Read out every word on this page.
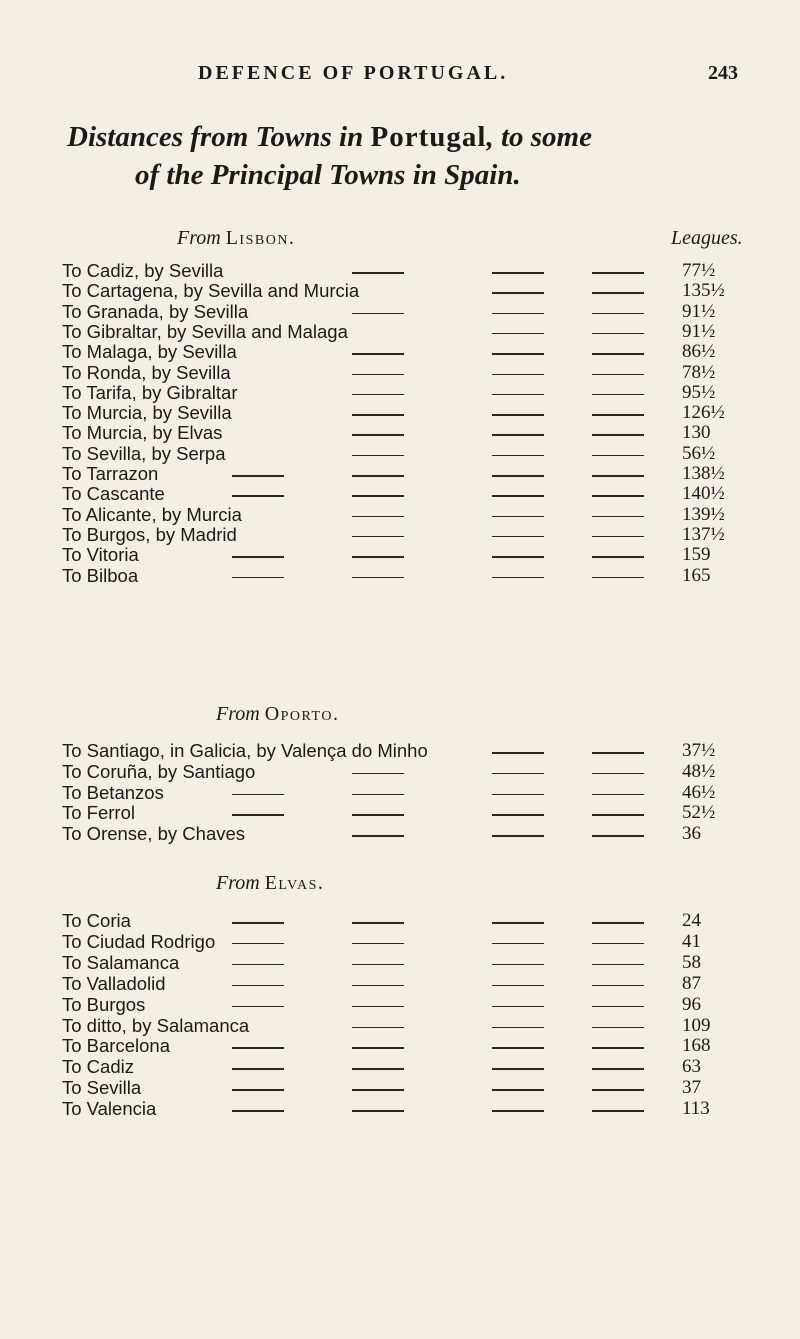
DEFENCE OF PORTUGAL.	243
Distances from Towns in Portugal, to some
of the Principal Towns in Spain.
Leagues.
From Lisbon.
To Cadiz, by Sevilla	77½
To Cartagena, by Sevilla and Murcia	135½
To Granada, by Sevilla	91½
To Gibraltar, by Sevilla and Malaga	91½
To Malaga, by Sevilla	86½
To Ronda, by Sevilla	78½
To Tarifa, by Gibraltar	95½
To Murcia, by Sevilla	126½
To Murcia, by Elvas	130
To Sevilla, by Serpa	56½
To Tarrazon	138½
To Cascante	140½
To Alicante, by Murcia	139½
To Burgos, by Madrid	137½
To Vitoria	159
To Bilboa	165
From Oporto.
To Santiago, in Galicia, by Valença do Minho	37½
To Coruña, by Santiago	48½
To Betanzos	46½
To Ferrol	52½
To Orense, by Chaves	36
From Elvas.
To Coria	24
To Ciudad Rodrigo	41
To Salamanca	58
To Valladolid	87
To Burgos	96
To ditto, by Salamanca	109
To Barcelona	168
To Cadiz	63
To Sevilla	37
To Valencia	113
